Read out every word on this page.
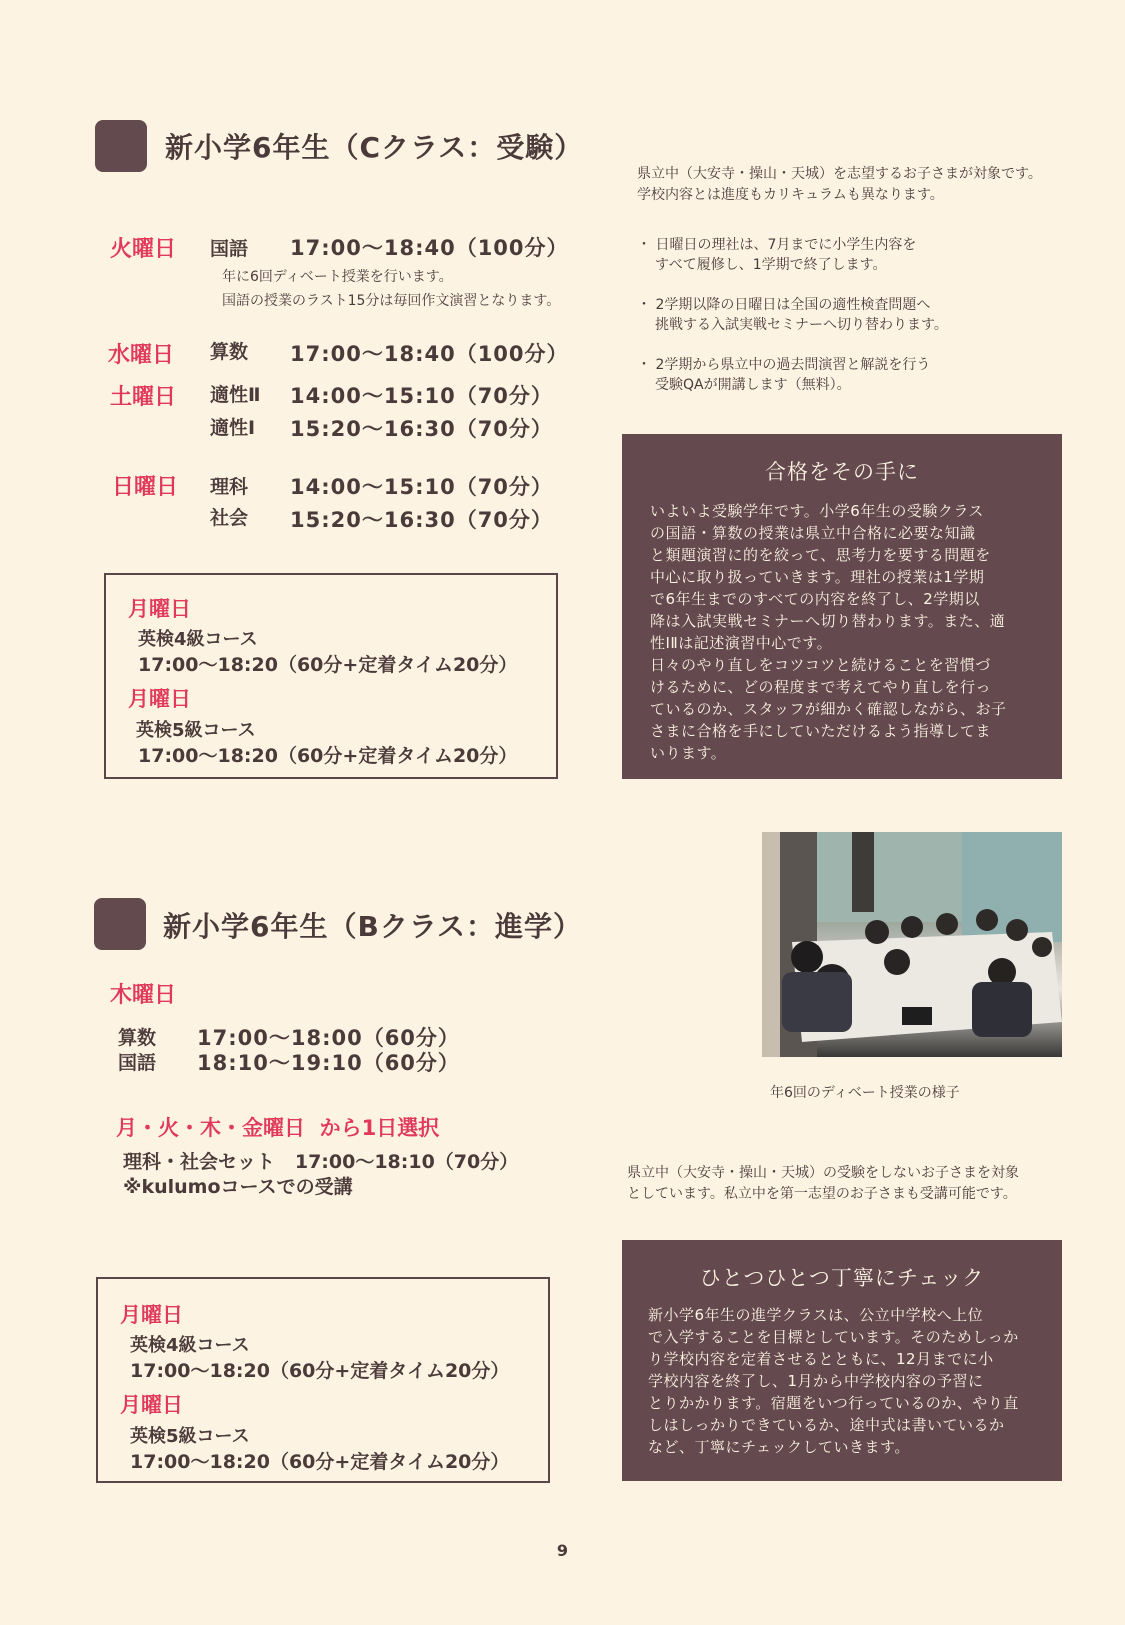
新小学6年生（Cクラス：受験）
火曜日 国語 17:00〜18:40（100分）
年に6回ディベート授業を行います。
国語の授業のラスト15分は毎回作文演習となります。
水曜日 算数 17:00〜18:40（100分）
土曜日 適性Ⅱ 14:00〜15:10（70分）
適性Ⅰ 15:20〜16:30（70分）
日曜日 理科 14:00〜15:10（70分）
社会 15:20〜16:30（70分）
月曜日
英検4級コース
17:00〜18:20（60分+定着タイム20分）
月曜日
英検5級コース
17:00〜18:20（60分+定着タイム20分）
県立中（大安寺・操山・天城）を志望するお子さまが対象です。
学校内容とは進度もカリキュラムも異なります。
・ 日曜日の理社は、7月までに小学生内容を
すべて履修し、1学期で終了します。
・ 2学期以降の日曜日は全国の適性検査問題へ
挑戦する入試実戦セミナーへ切り替わります。
・ 2学期から県立中の過去問演習と解説を行う
受験QAが開講します（無料）。
合格をその手に
いよいよ受験学年です。小学6年生の受験クラス
の国語・算数の授業は県立中合格に必要な知識
と類題演習に的を絞って、思考力を要する問題を
中心に取り扱っていきます。理社の授業は1学期
で6年生までのすべての内容を終了し、2学期以
降は入試実戦セミナーへ切り替わります。また、適
性ⅠⅡは記述演習中心です。
日々のやり直しをコツコツと続けることを習慣づ
けるために、どの程度まで考えてやり直しを行っ
ているのか、スタッフが細かく確認しながら、お子
さまに合格を手にしていただけるよう指導してま
いります。
新小学6年生（Bクラス：進学）
木曜日
算数 17:00〜18:00（60分）
国語 18:10〜19:10（60分）
月・火・木・金曜日  から1日選択
理科・社会セット   17:00〜18:10（70分）
※kulumoコースでの受講
月曜日
英検4級コース
17:00〜18:20（60分+定着タイム20分）
月曜日
英検5級コース
17:00〜18:20（60分+定着タイム20分）
年6回のディベート授業の様子
県立中（大安寺・操山・天城）の受験をしないお子さまを対象
としています。私立中を第一志望のお子さまも受講可能です。
ひとつひとつ丁寧にチェック
新小学6年生の進学クラスは、公立中学校へ上位
で入学することを目標としています。そのためしっか
り学校内容を定着させるとともに、12月までに小
学校内容を終了し、1月から中学校内容の予習に
とりかかります。宿題をいつ行っているのか、やり直
しはしっかりできているか、途中式は書いているか
など、丁寧にチェックしていきます。
9
